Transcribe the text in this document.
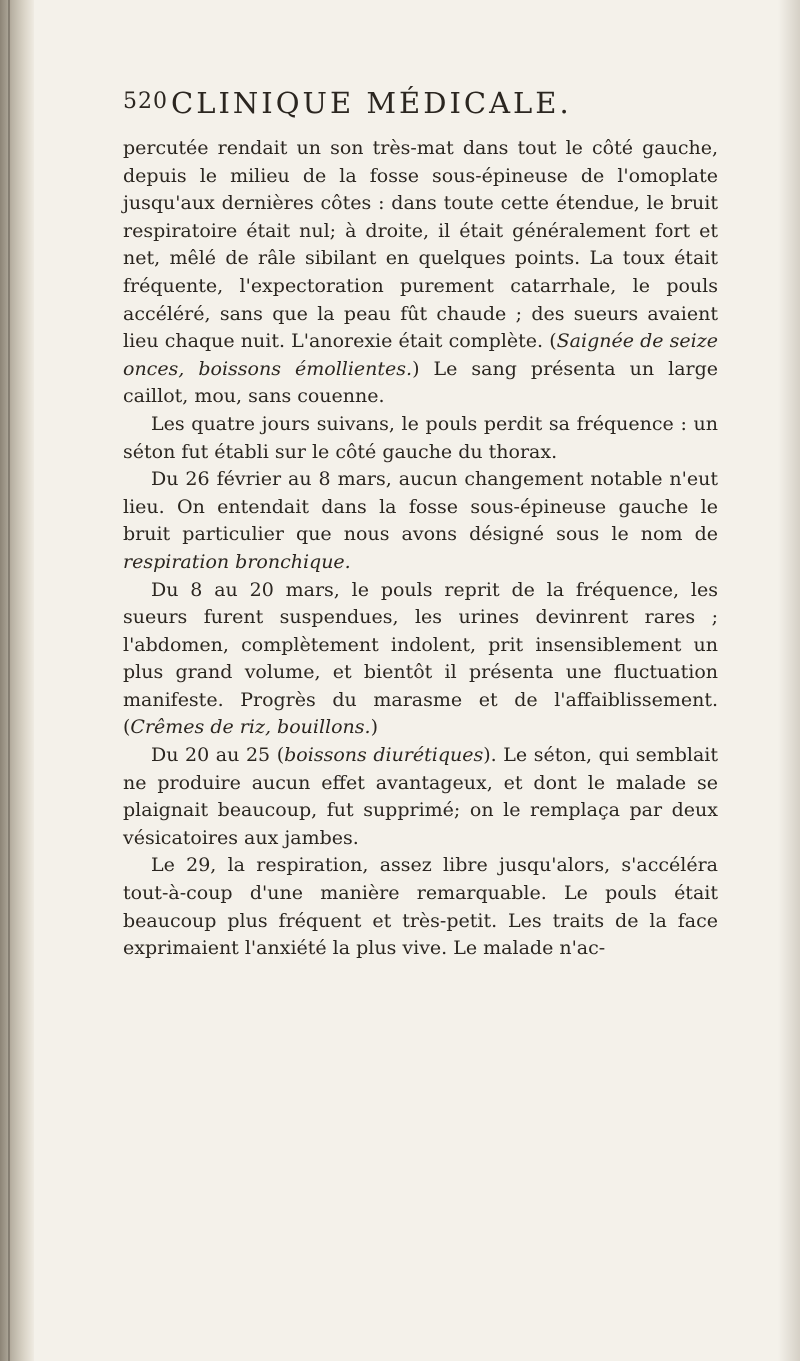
520 CLINIQUE MÉDICALE.

percutée rendait un son très-mat dans tout le côté gauche, depuis le milieu de la fosse sous-épineuse de l'omoplate jusqu'aux dernières côtes : dans toute cette étendue, le bruit respiratoire était nul; à droite, il était généralement fort et net, mêlé de râle sibilant en quelques points. La toux était fréquente, l'expectoration purement catarrhale, le pouls accéléré, sans que la peau fût chaude ; des sueurs avaient lieu chaque nuit. L'anorexie était complète. (Saignée de seize onces, boissons émollientes.) Le sang présenta un large caillot, mou, sans couenne.

Les quatre jours suivans, le pouls perdit sa fréquence : un séton fut établi sur le côté gauche du thorax.

Du 26 février au 8 mars, aucun changement notable n'eut lieu. On entendait dans la fosse sous-épineuse gauche le bruit particulier que nous avons désigné sous le nom de respiration bronchique.

Du 8 au 20 mars, le pouls reprit de la fréquence, les sueurs furent suspendues, les urines devinrent rares ; l'abdomen, complètement indolent, prit insensiblement un plus grand volume, et bientôt il présenta une fluctuation manifeste. Progrès du marasme et de l'affaiblissement. (Crêmes de riz, bouillons.)

Du 20 au 25 (boissons diurétiques). Le séton, qui semblait ne produire aucun effet avantageux, et dont le malade se plaignait beaucoup, fut supprimé; on le remplaça par deux vésicatoires aux jambes.

Le 29, la respiration, assez libre jusqu'alors, s'accéléra tout-à-coup d'une manière remarquable. Le pouls était beaucoup plus fréquent et très-petit. Les traits de la face exprimaient l'anxiété la plus vive. Le malade n'ac-
